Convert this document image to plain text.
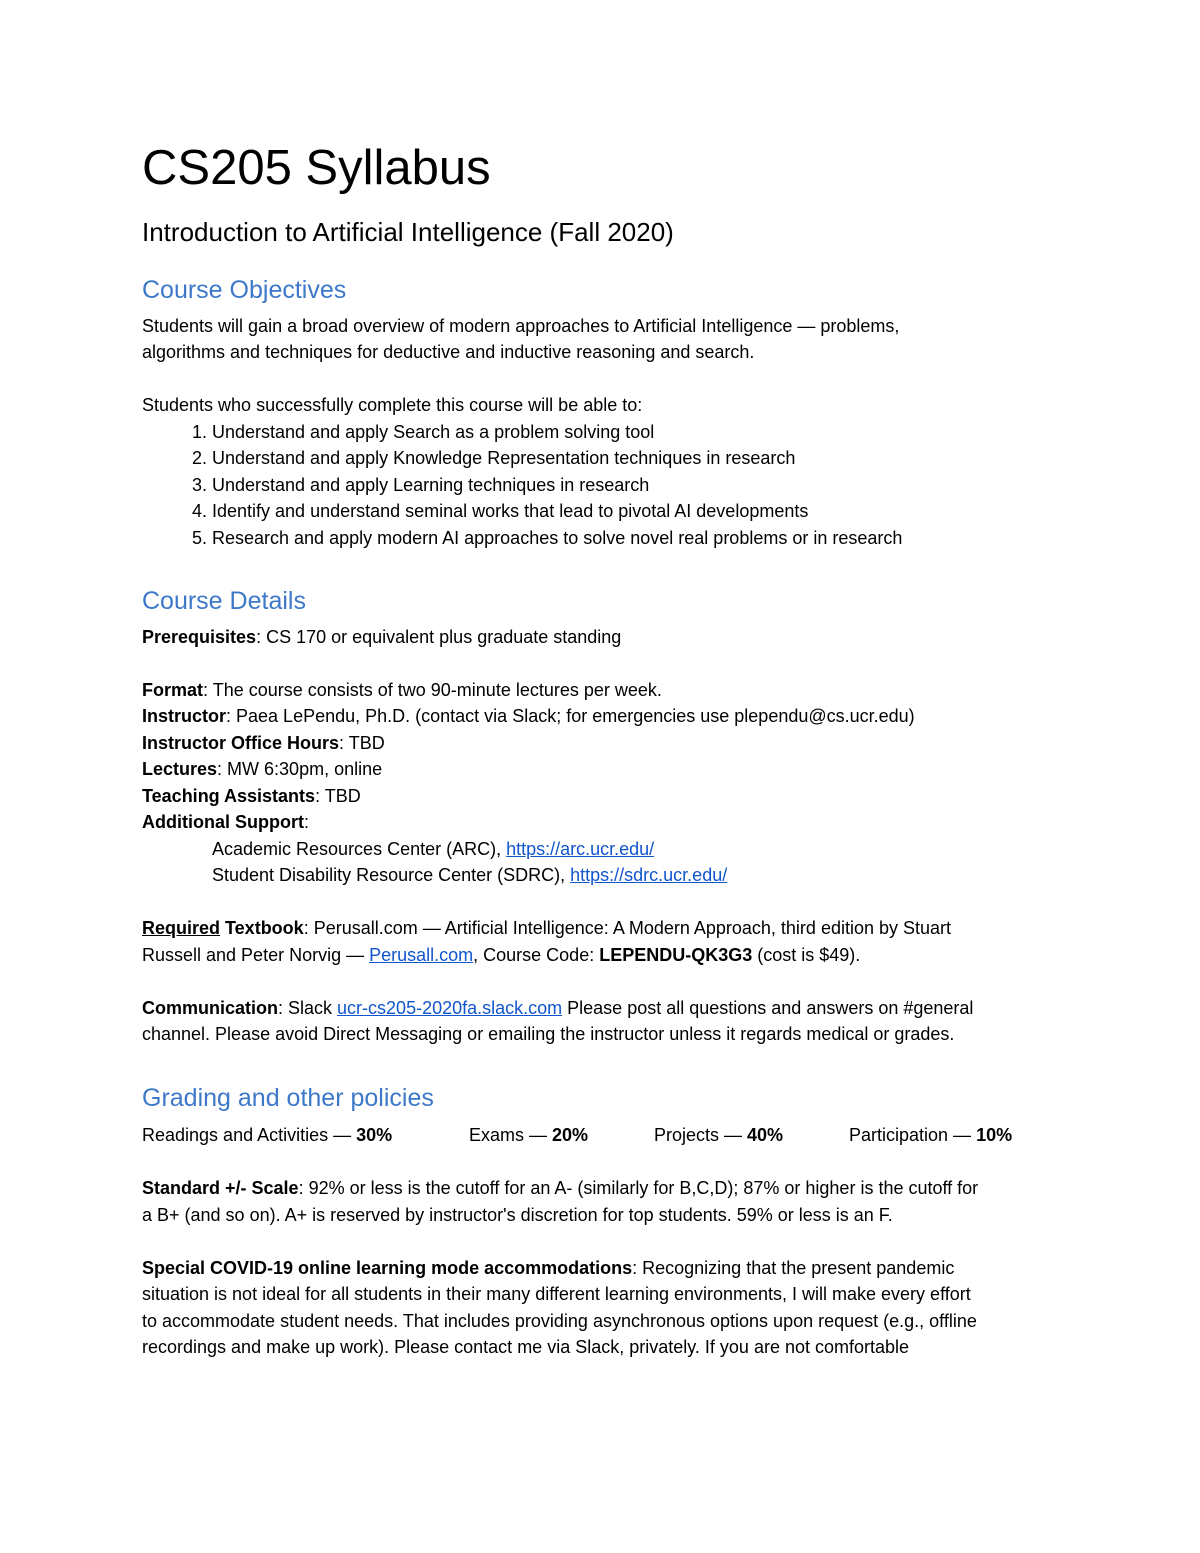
CS205 Syllabus
Introduction to Artificial Intelligence (Fall 2020)
Course Objectives

Students will gain a broad overview of modern approaches to Artificial Intelligence — problems,

algorithms and techniques for deductive and inductive reasoning and search.

Students who successfully complete this course will be able to:

1. Understand and apply Search as a problem solving tool
2. Understand and apply Knowledge Representation techniques in research
3. Understand and apply Learning techniques in research
4. Identify and understand seminal works that lead to pivotal AI developments
5. Research and apply modern AI approaches to solve novel real problems or in research
Course Details

Prerequisites: CS 170 or equivalent plus graduate standing

Format: The course consists of two 90-minute lectures per week.

Instructor: Paea LePendu, Ph.D. (contact via Slack; for emergencies use plependu@cs.ucr.edu)

Instructor Office Hours: TBD

Lectures: MW 6:30pm, online

Teaching Assistants: TBD

Additional Support:

Academic Resources Center (ARC), https://arc.ucr.edu/

Student Disability Resource Center (SDRC), https://sdrc.ucr.edu/

Required Textbook: Perusall.com — Artificial Intelligence: A Modern Approach, third edition by Stuart

Russell and Peter Norvig — Perusall.com, Course Code: LEPENDU-QK3G3 (cost is $49).

Communication: Slack ucr-cs205-2020fa.slack.com Please post all questions and answers on #general

channel. Please avoid Direct Messaging or emailing the instructor unless it regards medical or grades.

Grading and other policies
Readings and Activities — 30%	Exams — 20%	Projects — 40%	Participation — 10%

Standard +/- Scale: 92% or less is the cutoff for an A- (similarly for B,C,D); 87% or higher is the cutoff for

a B+ (and so on). A+ is reserved by instructor's discretion for top students. 59% or less is an F.

Special COVID-19 online learning mode accommodations: Recognizing that the present pandemic

situation is not ideal for all students in their many different learning environments, I will make every effort

to accommodate student needs. That includes providing asynchronous options upon request (e.g., offline

recordings and make up work). Please contact me via Slack, privately. If you are not comfortable
